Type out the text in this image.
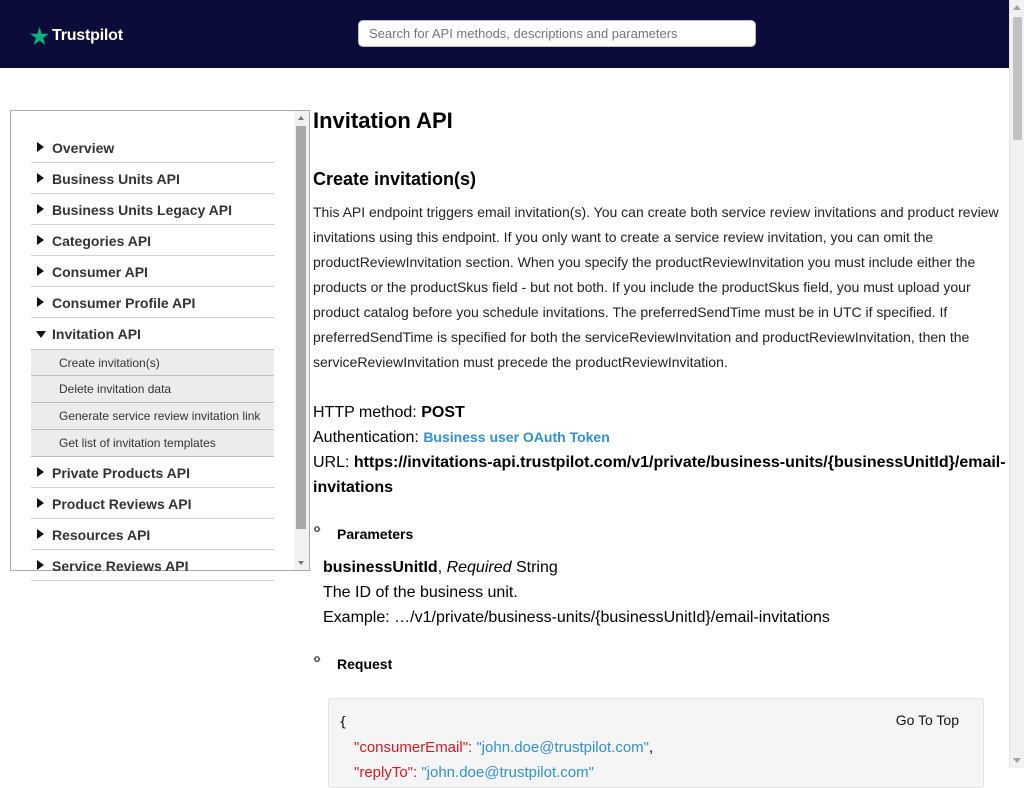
Trustpilot
Search for API methods, descriptions and parameters
Overview
Business Units API
Business Units Legacy API
Categories API
Consumer API
Consumer Profile API
Invitation API
Create invitation(s)
Delete invitation data
Generate service review invitation link
Get list of invitation templates
Private Products API
Product Reviews API
Resources API
Service Reviews API
Invitation API
Create invitation(s)
This API endpoint triggers email invitation(s). You can create both service review invitations and product review invitations using this endpoint. If you only want to create a service review invitation, you can omit the productReviewInvitation section. When you specify the productReviewInvitation you must include either the products or the productSkus field - but not both. If you include the productSkus field, you must upload your product catalog before you schedule invitations. The preferredSendTime must be in UTC if specified. If preferredSendTime is specified for both the serviceReviewInvitation and productReviewInvitation, then the serviceReviewInvitation must precede the productReviewInvitation.
HTTP method: POST
Authentication: Business user OAuth Token
URL: https://invitations-api.trustpilot.com/v1/private/business-units/{businessUnitId}/email-invitations
‹› Parameters
businessUnitId, Required String
The ID of the business unit.
Example: …/v1/private/business-units/{businessUnitId}/email-invitations
‹› Request
{
"consumerEmail": "john.doe@trustpilot.com",
"replyTo": "john.doe@trustpilot.com"
Go To Top
